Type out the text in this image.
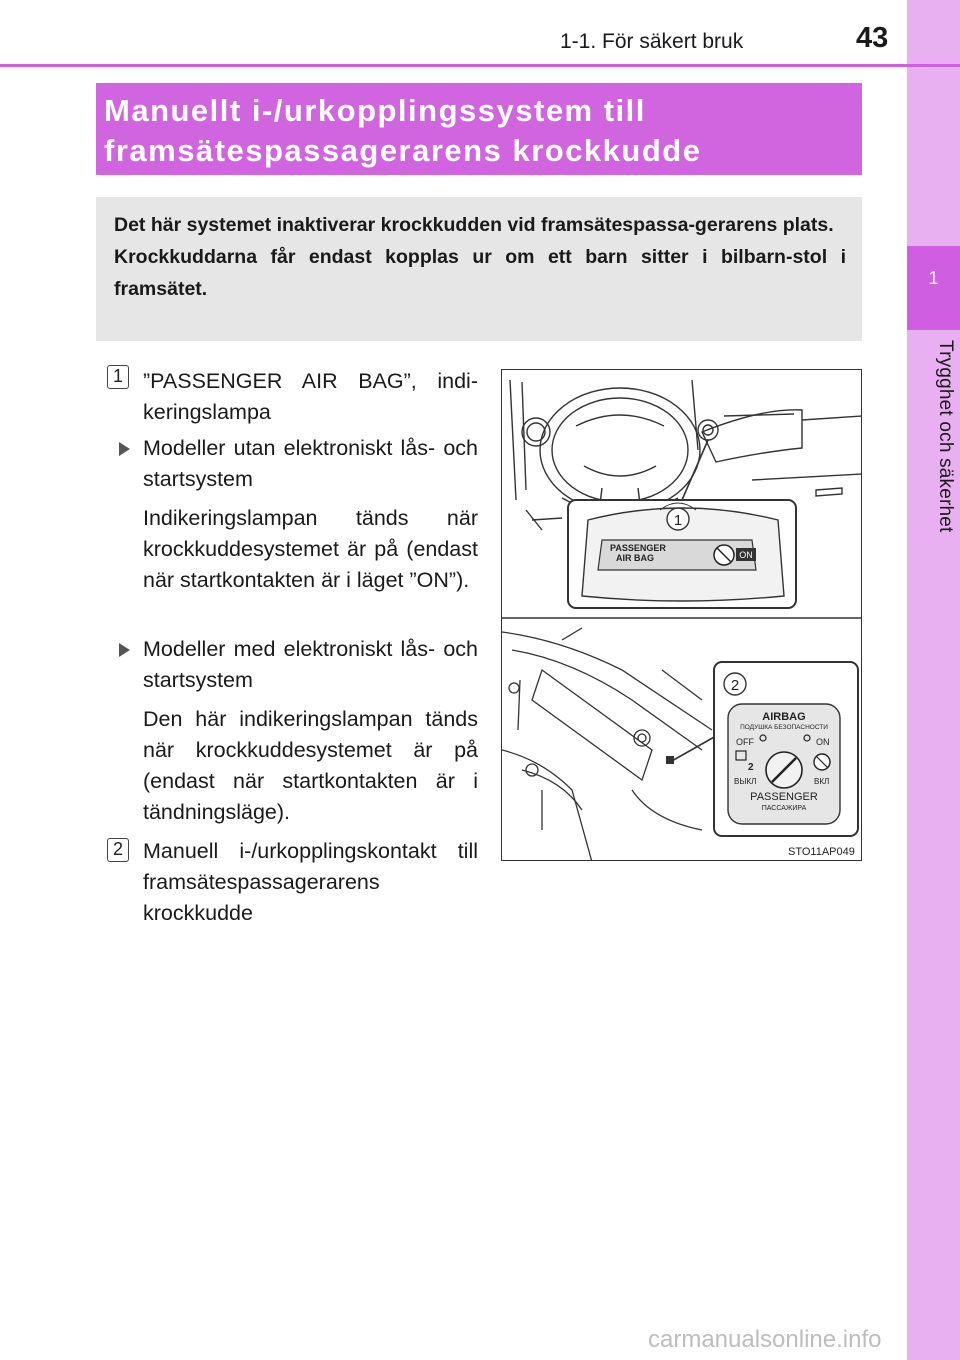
1
Trygghet och säkerhet
1-1. För säkert bruk	43
Manuellt i-/urkopplingssystem till
framsätespassagerarens krockkudde

Det här systemet inaktiverar krockkudden vid framsätespassa-gerarens plats.

Krockkuddarna får endast kopplas ur om ett barn sitter i bilbarn-stol i framsätet.

1 ”PASSENGER AIR BAG”, indi-keringslampa
Modeller utan elektroniskt lås- och startsystem
Indikeringslampan tänds när krockkuddesystemet är på (endast när startkontakten är i läget ”ON”).
Modeller med elektroniskt lås- och startsystem
Den här indikeringslampan tänds när krockkuddesystemet är på (endast när startkontakten är i tändningsläge).
2 Manuell i-/urkopplingskontakt till framsätespassagerarens krockkudde
1
PASSENGER
AIR BAG	ON
2
AIRBAG
ПОДУШКА БЕЗОПАСНОСТИ
OFF	ON
2
ВЫКЛ	ВКЛ
PASSENGER
ПАССАЖИРА
STO11AP049
carmanualsonline.info
